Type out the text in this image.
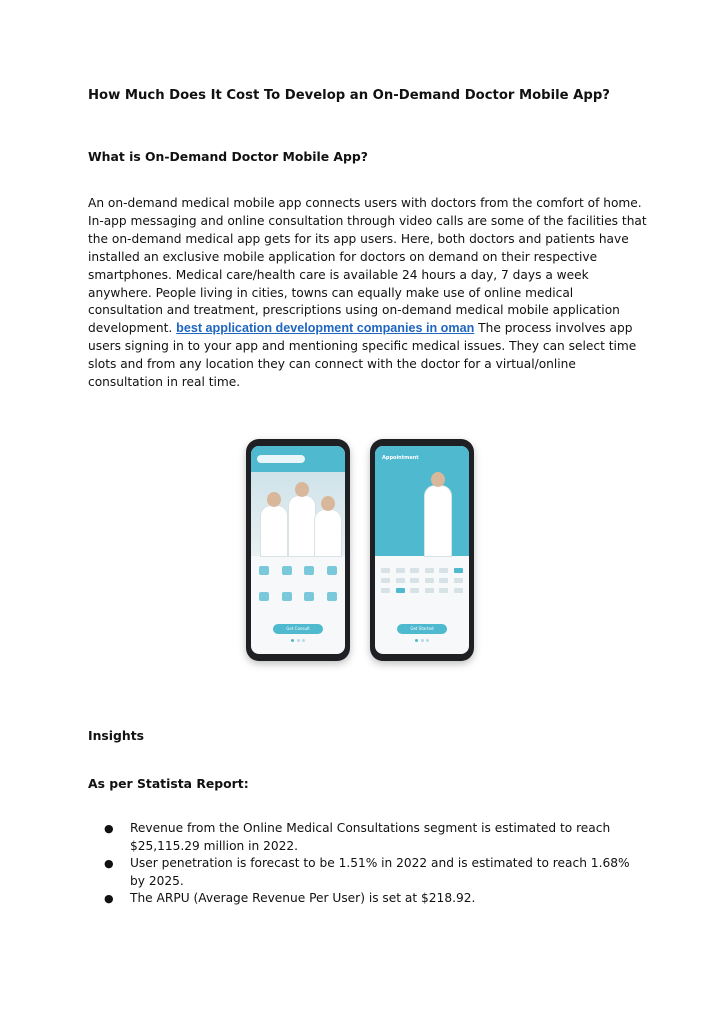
How Much Does It Cost To Develop an On-Demand Doctor Mobile App?
What is On-Demand Doctor Mobile App?
An on-demand medical mobile app connects users with doctors from the comfort of home. In-app messaging and online consultation through video calls are some of the facilities that the on-demand medical app gets for its app users. Here, both doctors and patients have installed an exclusive mobile application for doctors on demand on their respective smartphones. Medical care/health care is available 24 hours a day, 7 days a week anywhere. People living in cities, towns can equally make use of online medical consultation and treatment, prescriptions using on-demand medical mobile application development. best application development companies in oman The process involves app users signing in to your app and mentioning specific medical issues. They can select time slots and from any location they can connect with the doctor for a virtual/online consultation in real time.
Get Consult
Appointment
Get Started
Insights
As per Statista Report:
● Revenue from the Online Medical Consultations segment is estimated to reach $25,115.29 million in 2022.
● User penetration is forecast to be 1.51% in 2022 and is estimated to reach 1.68% by 2025.
● The ARPU (Average Revenue Per User) is set at $218.92.
